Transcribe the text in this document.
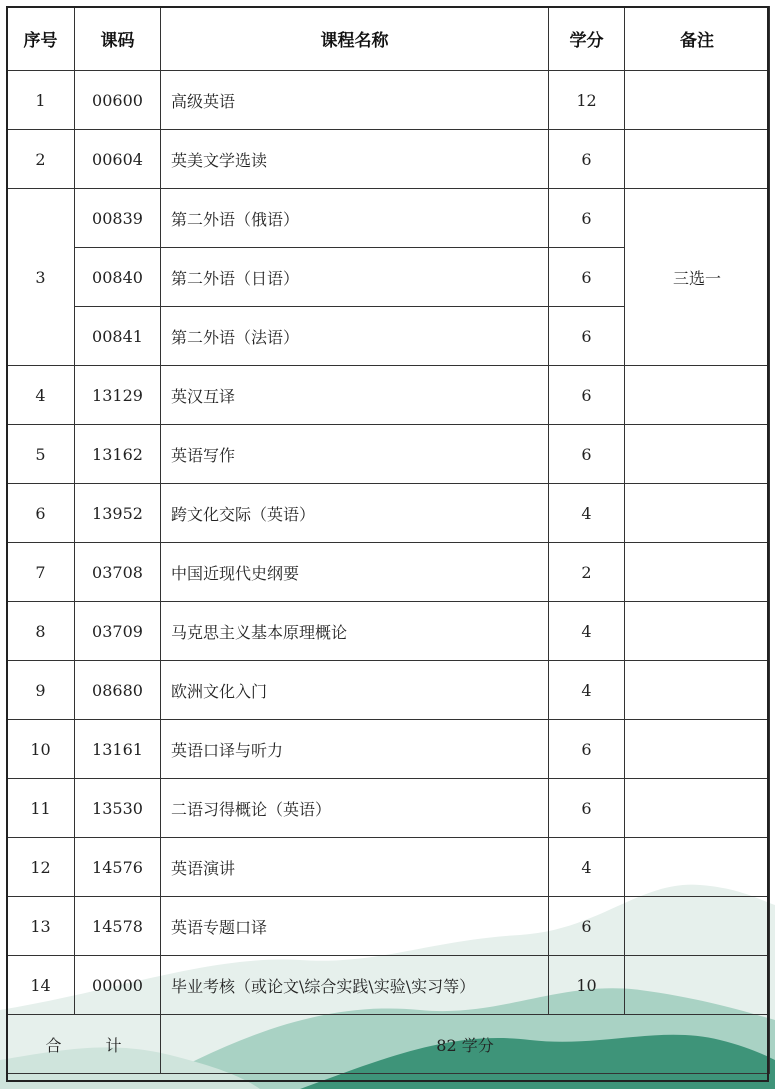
序号	课码	课程名称	学分	备注
1	00600	高级英语	12	
2	00604	英美文学选读	6	
3	00839	第二外语（俄语）	6	三选一
	00840	第二外语（日语）	6	
	00841	第二外语（法语）	6	
4	13129	英汉互译	6	
5	13162	英语写作	6	
6	13952	跨文化交际（英语）	4	
7	03708	中国近现代史纲要	2	
8	03709	马克思主义基本原理概论	4	
9	08680	欧洲文化入门	4	
10	13161	英语口译与听力	6	
11	13530	二语习得概论（英语）	6	
12	14576	英语演讲	4	
13	14578	英语专题口译	6	
14	00000	毕业考核（或论文\综合实践\实验\实习等）	10	
合 计		82 学分		
